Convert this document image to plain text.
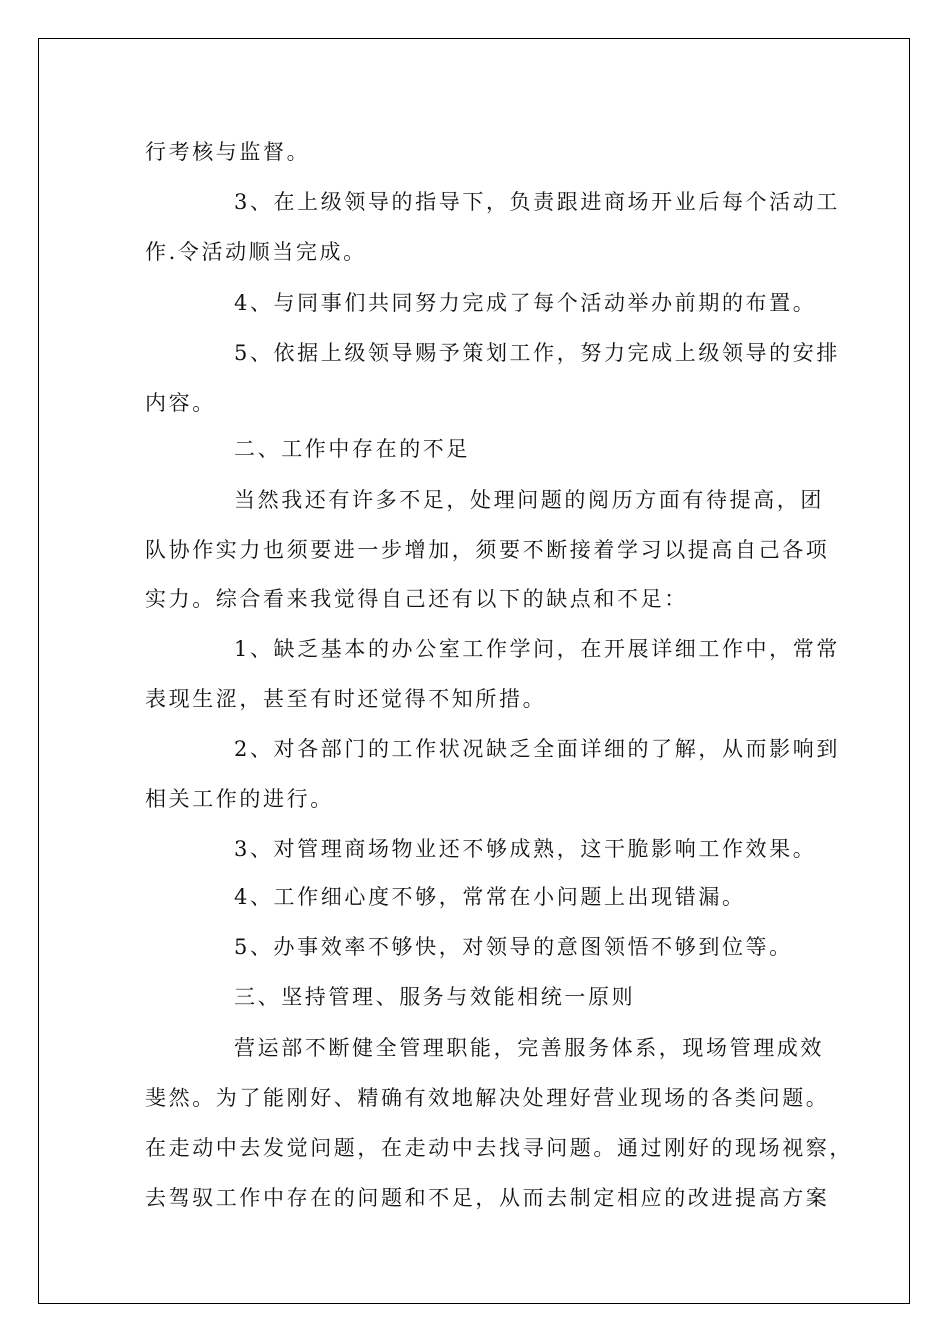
行考核与监督。
3、在上级领导的指导下，负责跟进商场开业后每个活动工
作.令活动顺当完成。
4、与同事们共同努力完成了每个活动举办前期的布置。
5、依据上级领导赐予策划工作，努力完成上级领导的安排
内容。
二、工作中存在的不足
当然我还有许多不足，处理问题的阅历方面有待提高，团
队协作实力也须要进一步增加，须要不断接着学习以提高自己各项
实力。综合看来我觉得自己还有以下的缺点和不足：
1、缺乏基本的办公室工作学问，在开展详细工作中，常常
表现生涩，甚至有时还觉得不知所措。
2、对各部门的工作状况缺乏全面详细的了解，从而影响到
相关工作的进行。
3、对管理商场物业还不够成熟，这干脆影响工作效果。
4、工作细心度不够，常常在小问题上出现错漏。
5、办事效率不够快，对领导的意图领悟不够到位等。
三、坚持管理、服务与效能相统一原则
营运部不断健全管理职能，完善服务体系，现场管理成效
斐然。为了能刚好、精确有效地解决处理好营业现场的各类问题。
在走动中去发觉问题，在走动中去找寻问题。通过刚好的现场视察，
去驾驭工作中存在的问题和不足，从而去制定相应的改进提高方案
